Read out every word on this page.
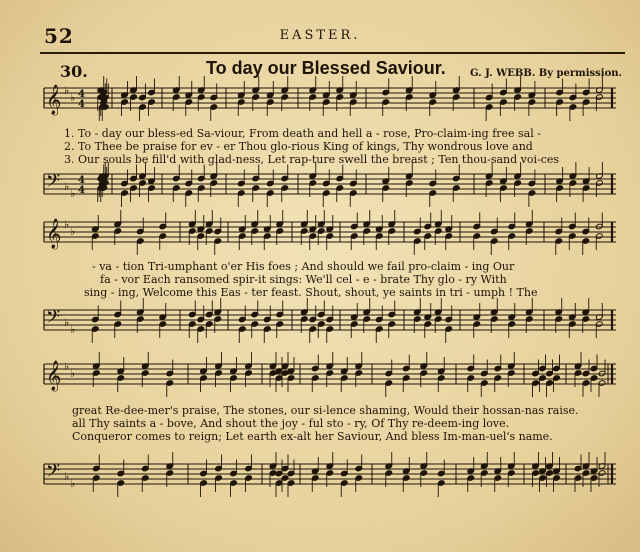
52	EASTER.
30.	To day our Blessed Saviour. G. J. WEBB. By permission.
𝄞 ♭
♭ 4
4
𝄢 ♭
♭
4
4
𝄞 ♭
♭
𝄢 ♭
♭
𝄞 ♭
♭
𝄢 ♭
♭
1. To - day our bless-ed Sa-viour, From death and hell a - rose, Pro-claim-ing free sal -
2. To Thee be praise for ev - er Thou glo-rious King of kings, Thy wondrous love and
3. Our souls be fill'd with glad-ness, Let rap-ture swell the breast ; Ten thou-sand voi-ces
- va - tion Tri-umphant o'er His foes ; And should we fail pro-claim - ing Our
fa - vor Each ransomed spir-it sings: We'll cel - e - brate Thy glo - ry With
sing - ing, Welcome this Eas - ter feast. Shout, shout, ye saints in tri - umph ! The
great Re-dee-mer's praise, The stones, our si-lence shaming, Would their hossan-nas raise.
all Thy saints a - bove, And shout the joy - ful sto - ry, Of Thy re-deem-ing love.
Conqueror comes to reign; Let earth ex-alt her Saviour, And bless Im-man-uel's name.
